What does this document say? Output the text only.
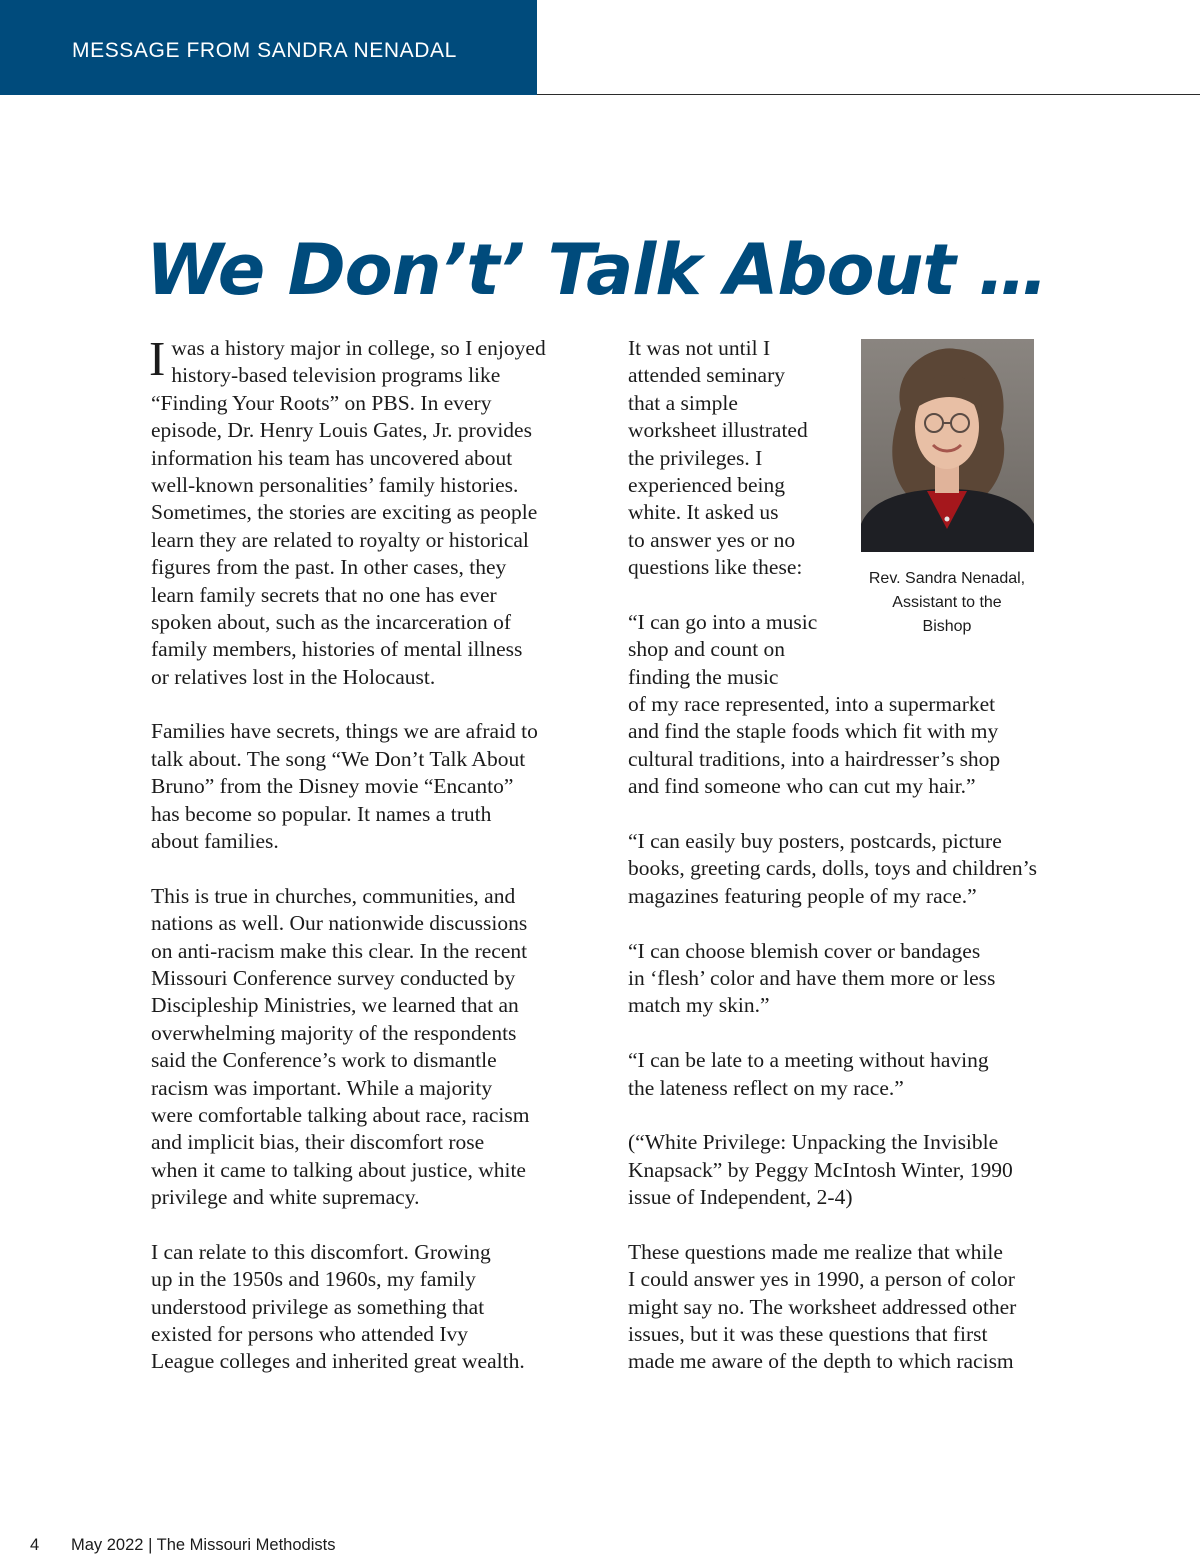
MESSAGE FROM SANDRA NENADAL
We Don’t’ Talk About …
I was a history major in college, so I enjoyed
history-based television programs like
“Finding Your Roots” on PBS. In every
episode, Dr. Henry Louis Gates, Jr. provides
information his team has uncovered about
well-known personalities’ family histories.
Sometimes, the stories are exciting as people
learn they are related to royalty or historical
figures from the past. In other cases, they
learn family secrets that no one has ever
spoken about, such as the incarceration of
family members, histories of mental illness
or relatives lost in the Holocaust.
Families have secrets, things we are afraid to
talk about. The song “We Don’t Talk About
Bruno” from the Disney movie “Encanto”
has become so popular. It names a truth
about families.
This is true in churches, communities, and
nations as well. Our nationwide discussions
on anti-racism make this clear. In the recent
Missouri Conference survey conducted by
Discipleship Ministries, we learned that an
overwhelming majority of the respondents
said the Conference’s work to dismantle
racism was important. While a majority
were comfortable talking about race, racism
and implicit bias, their discomfort rose
when it came to talking about justice, white
privilege and white supremacy.
I can relate to this discomfort. Growing
up in the 1950s and 1960s, my family
understood privilege as something that
existed for persons who attended Ivy
League colleges and inherited great wealth.
It was not until I
attended seminary
that a simple
worksheet illustrated
the privileges. I
experienced being
white. It asked us
to answer yes or no
questions like these:
“I can go into a music
shop and count on
finding the music
of my race represented, into a supermarket
and find the staple foods which fit with my
cultural traditions, into a hairdresser’s shop
and find someone who can cut my hair.”
“I can easily buy posters, postcards, picture
books, greeting cards, dolls, toys and children’s
magazines featuring people of my race.”
“I can choose blemish cover or bandages
in ‘flesh’ color and have them more or less
match my skin.”
“I can be late to a meeting without having
the lateness reflect on my race.”
(“White Privilege: Unpacking the Invisible
Knapsack” by Peggy McIntosh Winter, 1990
issue of Independent, 2-4)
These questions made me realize that while
I could answer yes in 1990, a person of color
might say no. The worksheet addressed other
issues, but it was these questions that first
made me aware of the depth to which racism
Rev. Sandra Nenadal,
Assistant to the
Bishop
4 May 2022 | The Missouri Methodists
